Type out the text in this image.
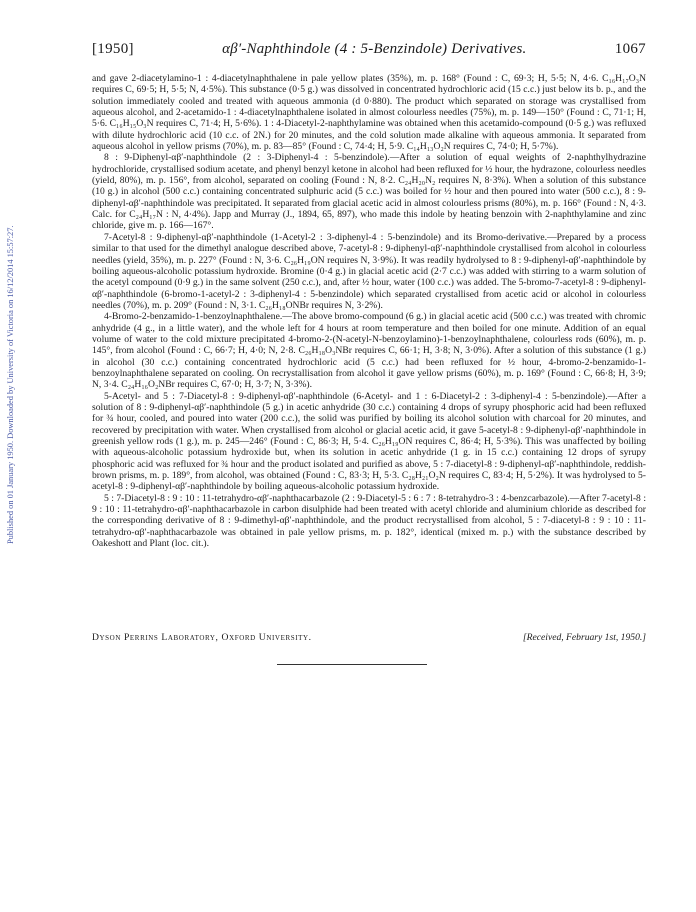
Published on 01 January 1950. Downloaded by University of Victoria on 16/12/2014 15:57:27.
[1950]	αβ′-Naphthindole (4 : 5-Benzindole) Derivatives.	1067

and gave 2-diacetylamino-1 : 4-diacetylnaphthalene in pale yellow plates (35%), m. p. 168° (Found : C, 69·3; H, 5·5; N, 4·6. C₁₆H₁₇O₃N requires C, 69·5; H, 5·5; N, 4·5%). This substance (0·5 g.) was dissolved in concentrated hydrochloric acid (15 c.c.) just below its b. p., and the solution immediately cooled and treated with aqueous ammonia (d 0·880). The product which separated on storage was crystallised from aqueous alcohol, and 2-acetamido-1 : 4-diacetylnaphthalene isolated in almost colourless needles (75%), m. p. 149—150° (Found : C, 71·1; H, 5·6. C₁₆H₁₅O₃N requires C, 71·4; H, 5·6%). 1 : 4-Diacetyl-2-naphthylamine was obtained when this acetamido-compound (0·5 g.) was refluxed with dilute hydrochloric acid (10 c.c. of 2N.) for 20 minutes, and the cold solution made alkaline with aqueous ammonia. It separated from aqueous alcohol in yellow prisms (70%), m. p. 83—85° (Found : C, 74·4; H, 5·9. C₁₄H₁₃O₂N requires C, 74·0; H, 5·7%).

8 : 9-Diphenyl-αβ′-naphthindole (2 : 3-Diphenyl-4 : 5-benzindole).—After a solution of equal weights of 2-naphthylhydrazine hydrochloride, crystallised sodium acetate, and phenyl benzyl ketone in alcohol had been refluxed for ½ hour, the hydrazone, colourless needles (yield, 80%), m. p. 156°, from alcohol, separated on cooling (Found : N, 8·2. C₂₄H₂₀N₂ requires N, 8·3%). When a solution of this substance (10 g.) in alcohol (500 c.c.) containing concentrated sulphuric acid (5 c.c.) was boiled for ½ hour and then poured into water (500 c.c.), 8 : 9-diphenyl-αβ′-naphthindole was precipitated. It separated from glacial acetic acid in almost colourless prisms (80%), m. p. 166° (Found : N, 4·3. Calc. for C₂₄H₁₇N : N, 4·4%). Japp and Murray (J., 1894, 65, 897), who made this indole by heating benzoin with 2-naphthylamine and zinc chloride, give m. p. 166—167°.

7-Acetyl-8 : 9-diphenyl-αβ′-naphthindole (1-Acetyl-2 : 3-diphenyl-4 : 5-benzindole) and its Bromo-derivative.—Prepared by a process similar to that used for the dimethyl analogue described above, 7-acetyl-8 : 9-diphenyl-αβ′-naphthindole crystallised from alcohol in colourless needles (yield, 35%), m. p. 227° (Found : N, 3·6. C₂₆H₁₉ON requires N, 3·9%). It was readily hydrolysed to 8 : 9-diphenyl-αβ′-naphthindole by boiling aqueous-alcoholic potassium hydroxide. Bromine (0·4 g.) in glacial acetic acid (2·7 c.c.) was added with stirring to a warm solution of the acetyl compound (0·9 g.) in the same solvent (250 c.c.), and, after ½ hour, water (100 c.c.) was added. The 5-bromo-7-acetyl-8 : 9-diphenyl-αβ′-naphthindole (6-bromo-1-acetyl-2 : 3-diphenyl-4 : 5-benzindole) which separated crystallised from acetic acid or alcohol in colourless needles (70%), m. p. 209° (Found : N, 3·1. C₂₆H₁₈ONBr requires N, 3·2%).

4-Bromo-2-benzamido-1-benzoylnaphthalene.—The above bromo-compound (6 g.) in glacial acetic acid (500 c.c.) was treated with chromic anhydride (4 g., in a little water), and the whole left for 4 hours at room temperature and then boiled for one minute. Addition of an equal volume of water to the cold mixture precipitated 4-bromo-2-(N-acetyl-N-benzoylamino)-1-benzoylnaphthalene, colourless rods (60%), m. p. 145°, from alcohol (Found : C, 66·7; H, 4·0; N, 2·8. C₂₆H₁₈O₃NBr requires C, 66·1; H, 3·8; N, 3·0%). After a solution of this substance (1 g.) in alcohol (30 c.c.) containing concentrated hydrochloric acid (5 c.c.) had been refluxed for ½ hour, 4-bromo-2-benzamido-1-benzoylnaphthalene separated on cooling. On recrystallisation from alcohol it gave yellow prisms (60%), m. p. 169° (Found : C, 66·8; H, 3·9; N, 3·4. C₂₄H₁₆O₂NBr requires C, 67·0; H, 3·7; N, 3·3%).

5-Acetyl- and 5 : 7-Diacetyl-8 : 9-diphenyl-αβ′-naphthindole (6-Acetyl- and 1 : 6-Diacetyl-2 : 3-diphenyl-4 : 5-benzindole).—After a solution of 8 : 9-diphenyl-αβ′-naphthindole (5 g.) in acetic anhydride (30 c.c.) containing 4 drops of syrupy phosphoric acid had been refluxed for ¾ hour, cooled, and poured into water (200 c.c.), the solid was purified by boiling its alcohol solution with charcoal for 20 minutes, and recovered by precipitation with water. When crystallised from alcohol or glacial acetic acid, it gave 5-acetyl-8 : 9-diphenyl-αβ′-naphthindole in greenish yellow rods (1 g.), m. p. 245—246° (Found : C, 86·3; H, 5·4. C₂₆H₁₉ON requires C, 86·4; H, 5·3%). This was unaffected by boiling with aqueous-alcoholic potassium hydroxide but, when its solution in acetic anhydride (1 g. in 15 c.c.) containing 12 drops of syrupy phosphoric acid was refluxed for ¾ hour and the product isolated and purified as above, 5 : 7-diacetyl-8 : 9-diphenyl-αβ′-naphthindole, reddish-brown prisms, m. p. 189°, from alcohol, was obtained (Found : C, 83·3; H, 5·3. C₂₈H₂₁O₂N requires C, 83·4; H, 5·2%). It was hydrolysed to 5-acetyl-8 : 9-diphenyl-αβ′-naphthindole by boiling aqueous-alcoholic potassium hydroxide.

5 : 7-Diacetyl-8 : 9 : 10 : 11-tetrahydro-αβ′-naphthacarbazole (2 : 9-Diacetyl-5 : 6 : 7 : 8-tetrahydro-3 : 4-benzcarbazole).—After 7-acetyl-8 : 9 : 10 : 11-tetrahydro-αβ′-naphthacarbazole in carbon disulphide had been treated with acetyl chloride and aluminium chloride as described for the corresponding derivative of 8 : 9-dimethyl-αβ′-naphthindole, and the product recrystallised from alcohol, 5 : 7-diacetyl-8 : 9 : 10 : 11-tetrahydro-αβ′-naphthacarbazole was obtained in pale yellow prisms, m. p. 182°, identical (mixed m. p.) with the substance described by Oakeshott and Plant (loc. cit.).

Dyson Perrins Laboratory, Oxford University.	[Received, February 1st, 1950.]
